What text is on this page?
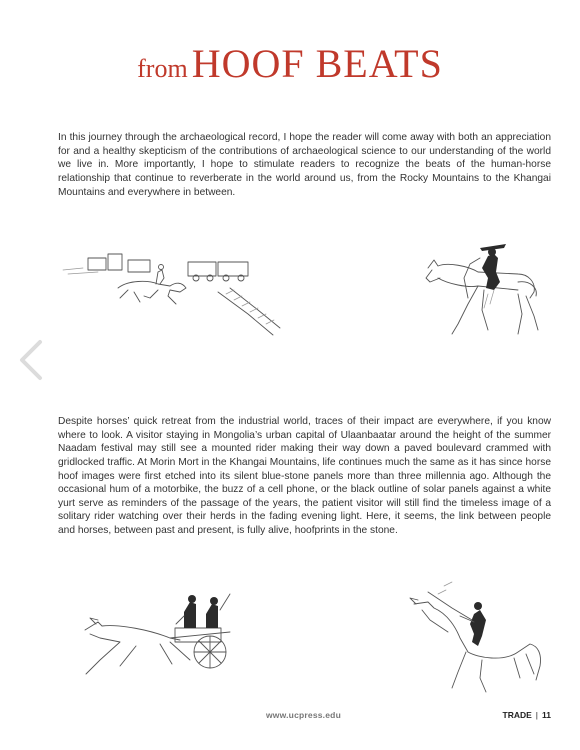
from HOOF BEATS

In this journey through the archaeological record, I hope the reader will come away with both an appreciation for and a healthy skepticism of the contributions of archaeological science to our understanding of the world we live in. More importantly, I hope to stimulate readers to recognize the beats of the human-horse relationship that continue to reverberate in the world around us, from the Rocky Mountains to the Khangai Mountains and everywhere in between.

Despite horses’ quick retreat from the industrial world, traces of their impact are everywhere, if you know where to look. A visitor staying in Mongolia’s urban capital of Ulaanbaatar around the height of the summer Naadam festival may still see a mounted rider making their way down a paved boulevard crammed with gridlocked traffic. At Morin Mort in the Khangai Mountains, life continues much the same as it has since horse hoof images were first etched into its silent blue-stone panels more than three millennia ago. Although the occasional hum of a motorbike, the buzz of a cell phone, or the black outline of solar panels against a white yurt serve as reminders of the passage of the years, the patient visitor will still find the timeless image of a solitary rider watching over their herds in the fading evening light. Here, it seems, the link between people and horses, between past and present, is fully alive, hoofprints in the stone.

www.ucpress.edu	TRADE | 11
